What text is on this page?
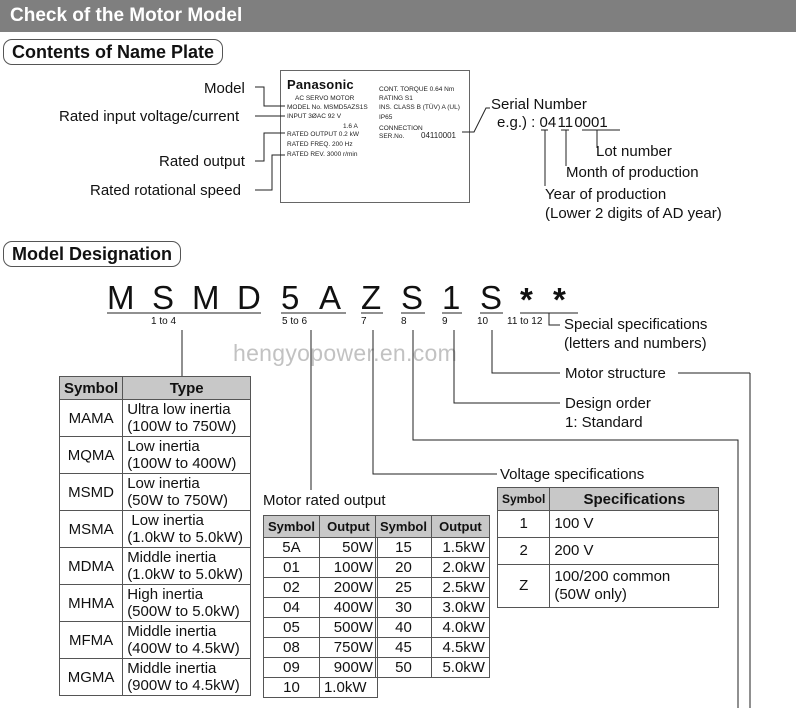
Check of the Motor Model
Contents of Name Plate
Model
Rated input voltage/current
Rated output
Rated rotational speed
Panasonic
AC SERVO MOTOR
MODEL No. MSMD5AZS1S
INPUT 3ØAC 92 V
1.6 A
RATED OUTPUT 0.2 kW
RATED FREQ. 200 Hz
RATED REV. 3000 r/min
CONT. TORQUE 0.64 Nm
RATING S1
INS. CLASS B (TÜV) A (UL)
IP65
CONNECTION
SER.No. 04110001
Serial Number
e.g.) : 04 11 0001
Lot number
Month of production
Year of production
(Lower 2 digits of AD year)
Model Designation
M S M D 5 A Z S 1 S * *
1 to 4	5 to 6	7	8	9	10 11 to 12 Special specifications
(letters and numbers)
Motor structure
Design order
1: Standard
Voltage specifications
Motor rated output
hengyopower.en.com
Symbol	Type
MAMA	Ultra low inertia
(100W to 750W)
MQMA	Low inertia
(100W to 400W)
MSMD	Low inertia
(50W to 750W)
MSMA	Low inertia
(1.0kW to 5.0kW)
MDMA	Middle inertia
(1.0kW to 5.0kW)
MHMA	High inertia
(500W to 5.0kW)
MFMA	Middle inertia
(400W to 4.5kW)
MGMA	Middle inertia
(900W to 4.5kW)
Symbol	Output
5A	50W
01	100W
02	200W
04	400W
05	500W
08	750W
09	900W
10	1.0kW
Symbol	Output
15	1.5kW
20	2.0kW
25	2.5kW
30	3.0kW
40	4.0kW
45	4.5kW
50	5.0kW
Symbol	Specifications
1	100 V
2	200 V
Z	100/200 common
(50W only)
